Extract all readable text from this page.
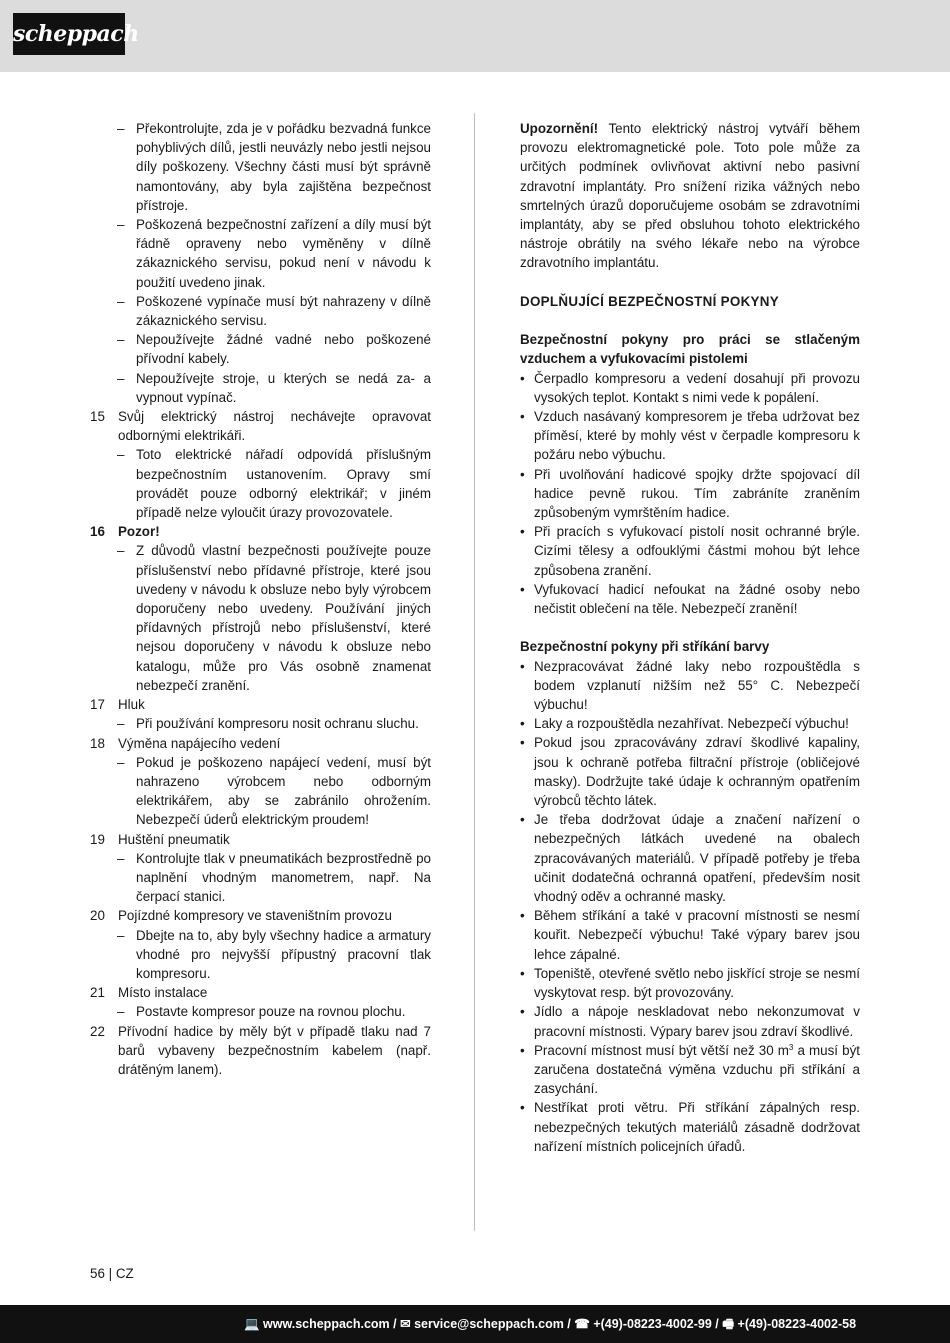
scheppach
– Překontrolujte, zda je v pořádku bezvadná funkce pohyblivých dílů, jestli neuvázly nebo jestli nejsou díly poškozeny. Všechny části musí být správně namontovány, aby byla zajištěna bezpečnost přístroje.
– Poškozená bezpečnostní zařízení a díly musí být řádně opraveny nebo vyměněny v dílně zákaznického servisu, pokud není v návodu k použití uvedeno jinak.
– Poškozené vypínače musí být nahrazeny v dílně zákaznického servisu.
– Nepoužívejte žádné vadné nebo poškozené přívodní kabely.
– Nepoužívejte stroje, u kterých se nedá za- a vypnout vypínač.
15 Svůj elektrický nástroj nechávejte opravovat odbornými elektrikáři.
– Toto elektrické nářadí odpovídá příslušným bezpečnostním ustanovením. Opravy smí provádět pouze odborný elektrikář; v jiném případě nelze vyloučit úrazy provozovatele.
16 Pozor!
– Z důvodů vlastní bezpečnosti používejte pouze příslušenství nebo přídavné přístroje, které jsou uvedeny v návodu k obsluze nebo byly výrobcem doporučeny nebo uvedeny. Používání jiných přídavných přístrojů nebo příslušenství, které nejsou doporučeny v návodu k obsluze nebo katalogu, může pro Vás osobně znamenat nebezpečí zranění.
17 Hluk
– Při používání kompresoru nosit ochranu sluchu.
18 Výměna napájecího vedení
– Pokud je poškozeno napájecí vedení, musí být nahrazeno výrobcem nebo odborným elektrikářem, aby se zabránilo ohrožením. Nebezpečí úderů elektrickým proudem!
19 Huštění pneumatik
– Kontrolujte tlak v pneumatikách bezprostředně po naplnění vhodným manometrem, např. Na čerpací stanici.
20 Pojízdné kompresory ve staveništním provozu
– Dbejte na to, aby byly všechny hadice a armatury vhodné pro nejvyšší přípustný pracovní tlak kompresoru.
21 Místo instalace
– Postavte kompresor pouze na rovnou plochu.
22 Přívodní hadice by měly být v případě tlaku nad 7 barů vybaveny bezpečnostním kabelem (např. drátěným lanem).
Upozornění! Tento elektrický nástroj vytváří během provozu elektromagnetické pole. Toto pole může za určitých podmínek ovlivňovat aktivní nebo pasivní zdravotní implantáty. Pro snížení rizika vážných nebo smrtelných úrazů doporučujeme osobám se zdravotními implantáty, aby se před obsluhou tohoto elektrického nástroje obrátily na svého lékaře nebo na výrobce zdravotního implantátu.
DOPLŇUJÍCÍ BEZPEČNOSTNÍ POKYNY
Bezpečnostní pokyny pro práci se stlačeným vzduchem a vyfukovacími pistolemi
• Čerpadlo kompresoru a vedení dosahují při provozu vysokých teplot. Kontakt s nimi vede k popálení.
• Vzduch nasávaný kompresorem je třeba udržovat bez příměsí, které by mohly vést v čerpadle kompresoru k požáru nebo výbuchu.
• Při uvolňování hadicové spojky držte spojovací díl hadice pevně rukou. Tím zabráníte zraněním způsobeným vymrštěním hadice.
• Při pracích s vyfukovací pistolí nosit ochranné brýle. Cizími tělesy a odfouklými částmi mohou být lehce způsobena zranění.
• Vyfukovací hadicí nefoukat na žádné osoby nebo nečistit oblečení na těle. Nebezpečí zranění!
Bezpečnostní pokyny při stříkání barvy
• Nezpracovávat žádné laky nebo rozpouštědla s bodem vzplanutí nižším než 55° C. Nebezpečí výbuchu!
• Laky a rozpouštědla nezahřívat. Nebezpečí výbuchu!
• Pokud jsou zpracovávány zdraví škodlivé kapaliny, jsou k ochraně potřeba filtrační přístroje (obličejové masky). Dodržujte také údaje k ochranným opatřením výrobců těchto látek.
• Je třeba dodržovat údaje a značení nařízení o nebezpečných látkách uvedené na obalech zpracovávaných materiálů. V případě potřeby je třeba učinit dodatečná ochranná opatření, především nosit vhodný oděv a ochranné masky.
• Během stříkání a také v pracovní místnosti se nesmí kouřit. Nebezpečí výbuchu! Také výpary barev jsou lehce zápalné.
• Topeniště, otevřené světlo nebo jiskřící stroje se nesmí vyskytovat resp. být provozovány.
• Jídlo a nápoje neskladovat nebo nekonzumovat v pracovní místnosti. Výpary barev jsou zdraví škodlivé.
• Pracovní místnost musí být větší než 30 $m^3$ a musí být zaručena dostatečná výměna vzduchu při stříkání a zasychání.
• Nestříkat proti větru. Při stříkání zápalných resp. nebezpečných tekutých materiálů zásadně dodržovat nařízení místních policejních úřadů.
56 | CZ
💻 www.scheppach.com / ✉ service@scheppach.com / ☎ +(49)-08223-4002-99 / 🖷 +(49)-08223-4002-58
